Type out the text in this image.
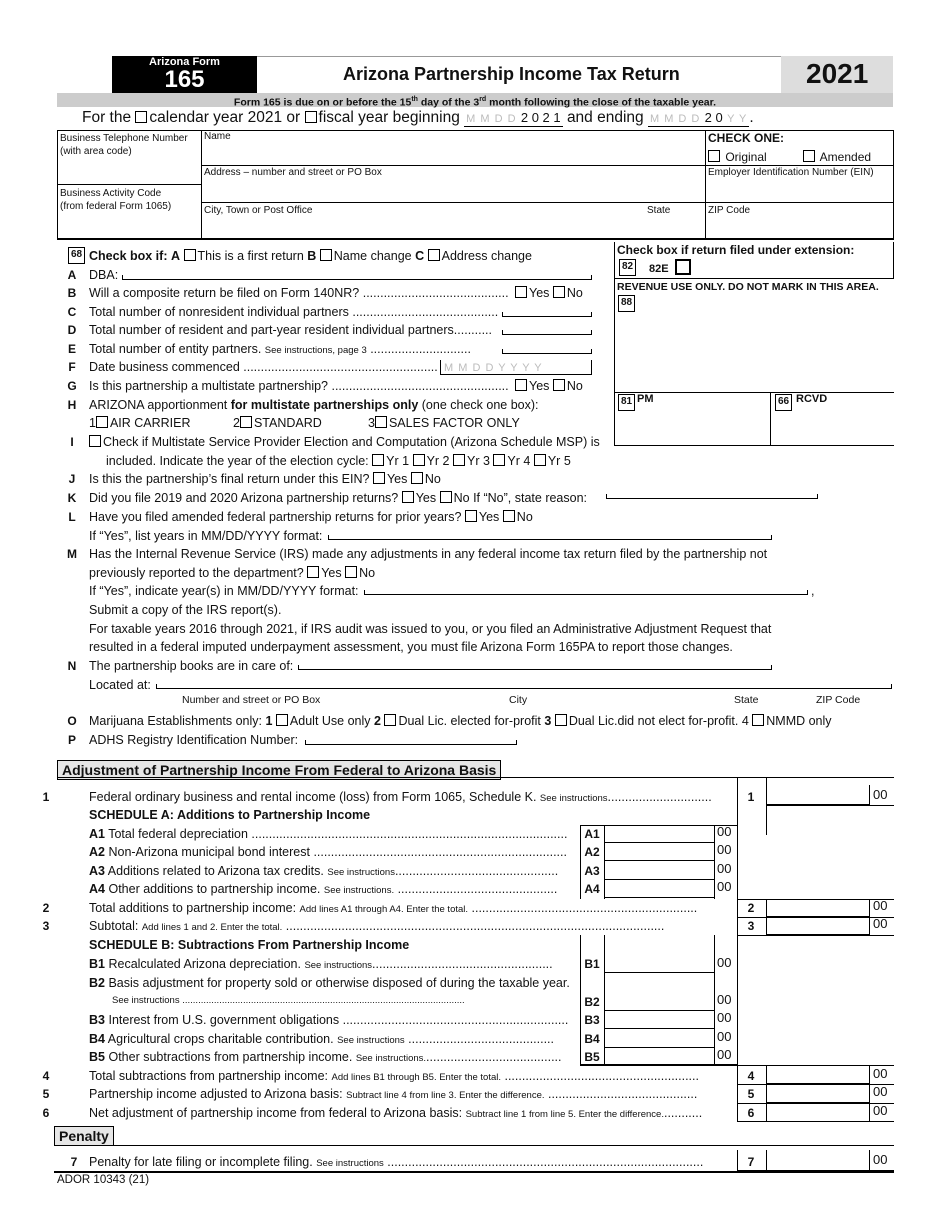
Arizona Form
165	Arizona Partnership Income Tax Return	2021
Form 165 is due on or before the 15th day of the 3rd month following the close of the taxable year.
For the calendar year 2021 or fiscal year beginning M M D D 2 0 2 1 and ending M M D D 2 0 Y Y .
Business Telephone Number
(with area code)
Name	CHECK ONE:
Original	Amended
Address – number and street or PO Box	Employer Identification Number (EIN)
Business Activity Code
(from federal Form 1065)	City, Town or Post Office	State	ZIP Code
Check box if return filed under extension:
82 82E
REVENUE USE ONLY. DO NOT MARK IN THIS AREA.
88
81 PM	66 RCVD
68 Check box if: A This is a first return B Name change C Address change
A	DBA:
B	Will a composite return be filed on Form 140NR? ..........................................	Yes No
C	Total number of nonresident individual partners ..........................................
D	Total number of resident and part-year resident individual partners...........
E	Total number of entity partners. See instructions, page 3 .............................
F	Date business commenced ........................................................ M M D D Y Y Y Y
G Is this partnership a multistate partnership? ...................................................	Yes No
H	ARIZONA apportionment for multistate partnerships only (one check one box):
1 AIR CARRIER	2 STANDARD	3 SALES FACTOR ONLY
I	Check if Multistate Service Provider Election and Computation (Arizona Schedule MSP) is
included. Indicate the year of the election cycle: Yr 1 Yr 2 Yr 3 Yr 4 Yr 5
J	Is this the partnership’s final return under this EIN? Yes No
K	Did you file 2019 and 2020 Arizona partnership returns? Yes No If “No”, state reason:
L	Have you filed amended federal partnership returns for prior years? Yes No
If “Yes”, list years in MM/DD/YYYY format:
M Has the Internal Revenue Service (IRS) made any adjustments in any federal income tax return filed by the partnership not
previously reported to the department? Yes No
If “Yes”, indicate year(s) in MM/DD/YYYY format:	,
Submit a copy of the IRS report(s).
For taxable years 2016 through 2021, if IRS audit was issued to you, or you filed an Administrative Adjustment Request that
resulted in a federal imputed underpayment assessment, you must file Arizona Form 165PA to report those changes.
N	The partnership books are in care of:
Located at:
Number and street or PO Box	City	State	ZIP Code
O Marijuana Establishments only: 1 Adult Use only 2 Dual Lic. elected for-profit 3 Dual Lic.did not elect for-profit. 4 NMMD only
P	ADHS Registry Identification Number:
Adjustment of Partnership Income From Federal to Arizona Basis
1	Federal ordinary business and rental income (loss) from Form 1065, Schedule K. See instructions..............................	1	00
SCHEDULE A: Additions to Partnership Income
A1 Total federal depreciation ........................................................................................... A1	00
A2 Non-Arizona municipal bond interest ......................................................................... A2	00
A3 Additions related to Arizona tax credits. See instructions............................................... A3	00
A4 Other additions to partnership income. See instructions. .............................................. A4	00
2	Total additions to partnership income: Add lines A1 through A4. Enter the total. .................................................................	2	00
3	Subtotal: Add lines 1 and 2. Enter the total. .............................................................................................................	3	00
SCHEDULE B: Subtractions From Partnership Income
B1 Recalculated Arizona depreciation. See instructions....................................................	B1	00
B2 Basis adjustment for property sold or otherwise disposed of during the taxable year.
See instructions ...........................................................................................................	B2	00
B3 Interest from U.S. government obligations ................................................................. B3	00
B4 Agricultural crops charitable contribution. See instructions ..........................................	B4	00
B5 Other subtractions from partnership income. See instructions........................................ B5	00
4	Total subtractions from partnership income: Add lines B1 through B5. Enter the total. ........................................................	4	00
5	Partnership income adjusted to Arizona basis: Subtract line 4 from line 3. Enter the difference. ...........................................	5	00
6	Net adjustment of partnership income from federal to Arizona basis: Subtract line 1 from line 5. Enter the difference............	6	00
Penalty
7 Penalty for late filing or incomplete filing. See instructions ...........................................................................................	7	00
ADOR 10343 (21)
